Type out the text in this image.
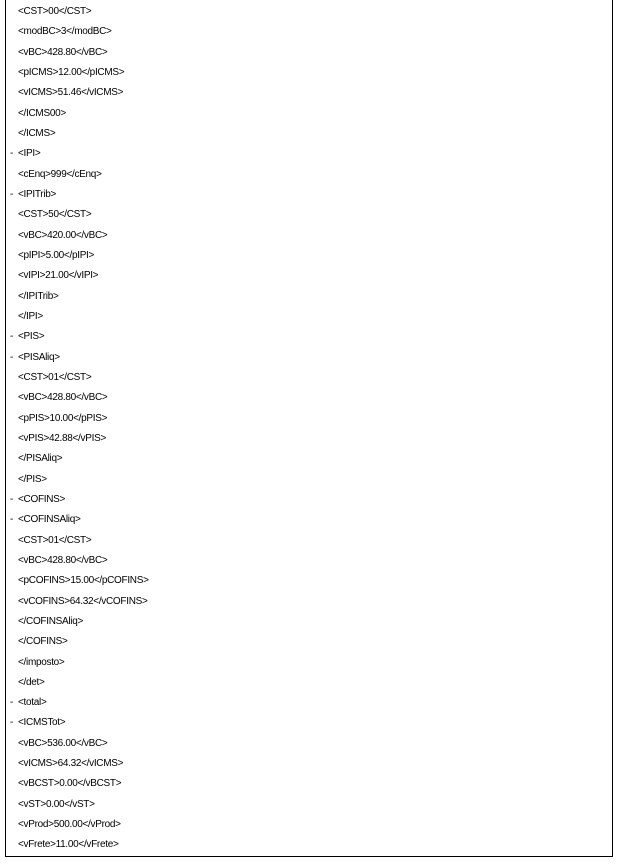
<CST>00</CST>
<modBC>3</modBC>
<vBC>428.80</vBC>
<pICMS>12.00</pICMS>
<vICMS>51.46</vICMS>
</ICMS00>
</ICMS>
- <IPI>
<cEnq>999</cEnq>
- <IPITrib>
<CST>50</CST>
<vBC>420.00</vBC>
<pIPI>5.00</pIPI>
<vIPI>21.00</vIPI>
</IPITrib>
</IPI>
- <PIS>
- <PISAliq>
<CST>01</CST>
<vBC>428.80</vBC>
<pPIS>10.00</pPIS>
<vPIS>42.88</vPIS>
</PISAliq>
</PIS>
- <COFINS>
- <COFINSAliq>
<CST>01</CST>
<vBC>428.80</vBC>
<pCOFINS>15.00</pCOFINS>
<vCOFINS>64.32</vCOFINS>
</COFINSAliq>
</COFINS>
</imposto>
</det>
- <total>
- <ICMSTot>
<vBC>536.00</vBC>
<vICMS>64.32</vICMS>
<vBCST>0.00</vBCST>
<vST>0.00</vST>
<vProd>500.00</vProd>
<vFrete>11.00</vFrete>
